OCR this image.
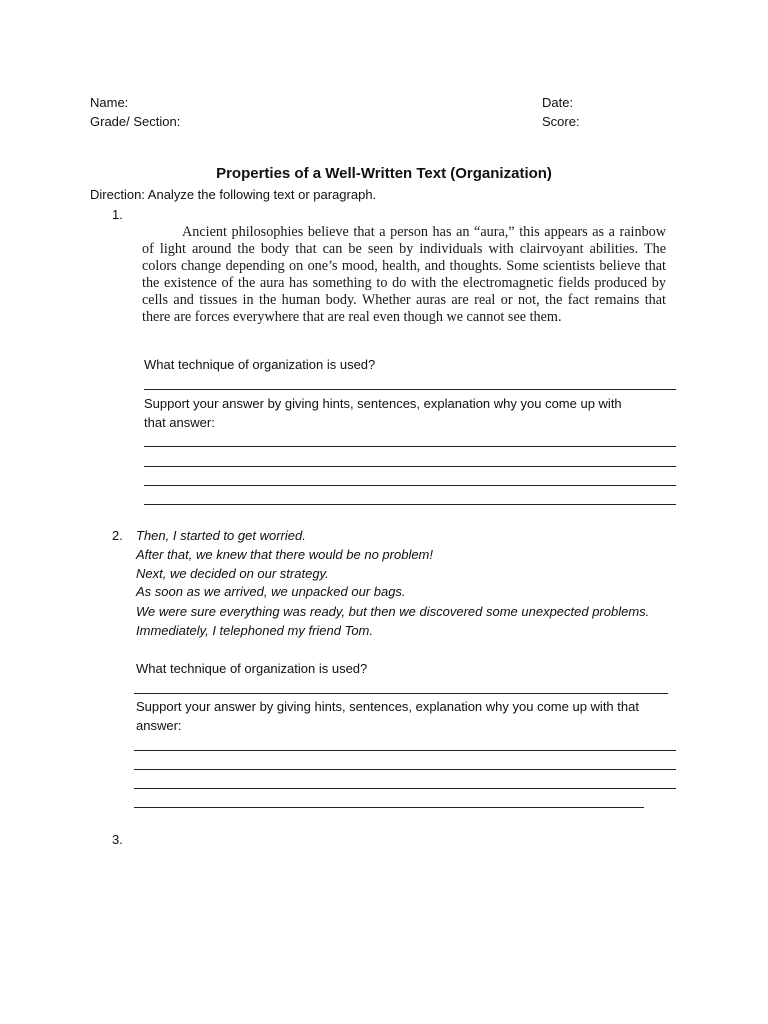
Name:
Grade/ Section:
Date:
Score:
Properties of a Well-Written Text (Organization)
Direction: Analyze the following text or paragraph.
1.

Ancient philosophies believe that a person has an “aura,” this appears as a rainbow of light around the body that can be seen by individuals with clairvoyant abilities. The colors change depending on one’s mood, health, and thoughts. Some scientists believe that the existence of the aura has something to do with the electromagnetic fields produced by cells and tissues in the human body. Whether auras are real or not, the fact remains that there are forces everywhere that are real even though we cannot see them.

What technique of organization is used?
Support your answer by giving hints, sentences, explanation why you come up with
that answer:
2. Then, I started to get worried.
After that, we knew that there would be no problem!
Next, we decided on our strategy.
As soon as we arrived, we unpacked our bags.
We were sure everything was ready, but then we discovered some unexpected problems.
Immediately, I telephoned my friend Tom.
What technique of organization is used?
Support your answer by giving hints, sentences, explanation why you come up with that
answer:
3.
